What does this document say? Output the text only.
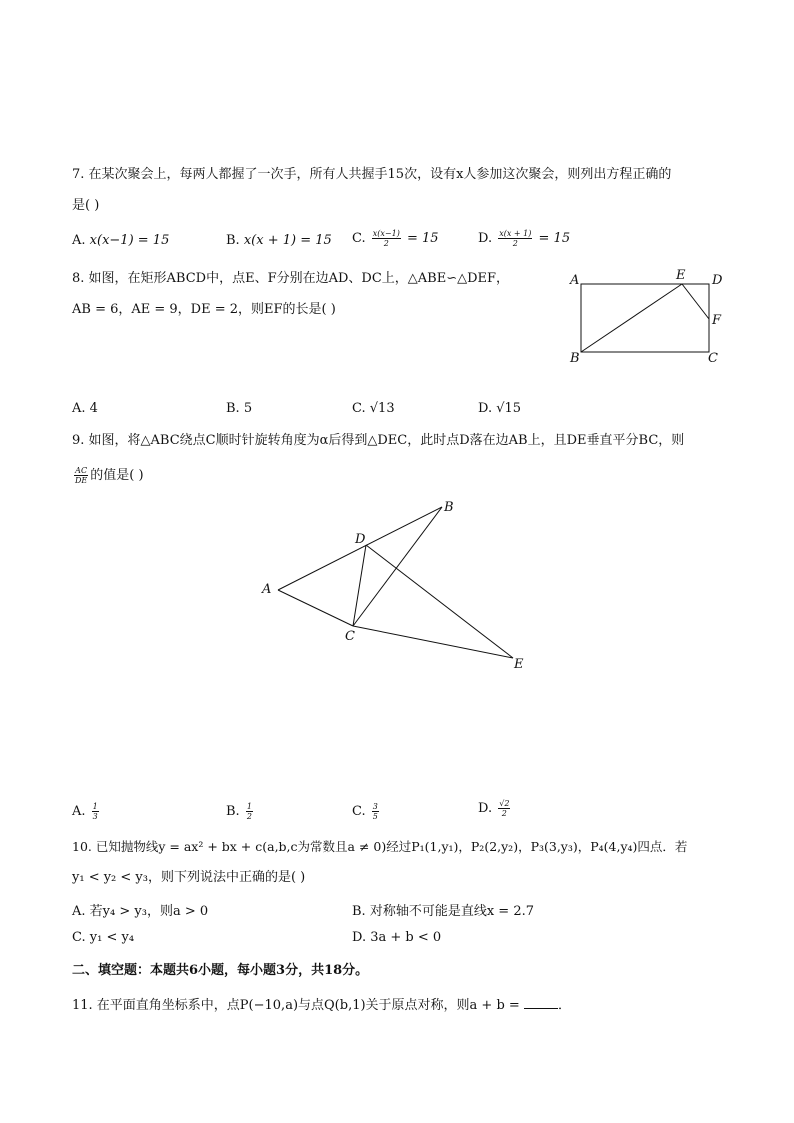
7. 在某次聚会上，每两人都握了一次手，所有人共握手15次，设有x人参加这次聚会，则列出方程正确的
是( )
A. x(x−1) = 15	B. x(x + 1) = 15 C. $\frac{x(x-1)}{2} = 15$	D. $\frac{x(x + 1)}{2} = 15$
8. 如图，在矩形ABCD中，点E、F分别在边AD、DC上，△ABE∽△DEF，
AB = 6，AE = 9，DE = 2，则EF的长是( )
A	E D
F
B	C
A. 4	B. 5	C. √13	D. √15
9. 如图，将△ABC绕点C顺时针旋转角度为α后得到△DEC，此时点D落在边AB上，且DE垂直平分BC，则
$\frac{AC}{DE}$ 的值是( )
A
B
D
C
E
A. $\frac{1}{3}$	B. $\frac{1}{2}$	C. $\frac{3}{5}$	D. $\frac{√2}{2}$
10. 已知抛物线y = ax² + bx + c(a,b,c为常数且a ≠ 0)经过P₁(1,y₁)，P₂(2,y₂)，P₃(3,y₃)，P₄(4,y₄)四点．若
y₁ < y₂ < y₃，则下列说法中正确的是( )
A. 若y₄ > y₃，则a > 0	B. 对称轴不可能是直线x = 2.7
C. y₁ < y₄	D. 3a + b < 0
二、填空题：本题共6小题，每小题3分，共18分。
11. 在平面直角坐标系中，点P(−10,a)与点Q(b,1)关于原点对称，则a + b =	．
